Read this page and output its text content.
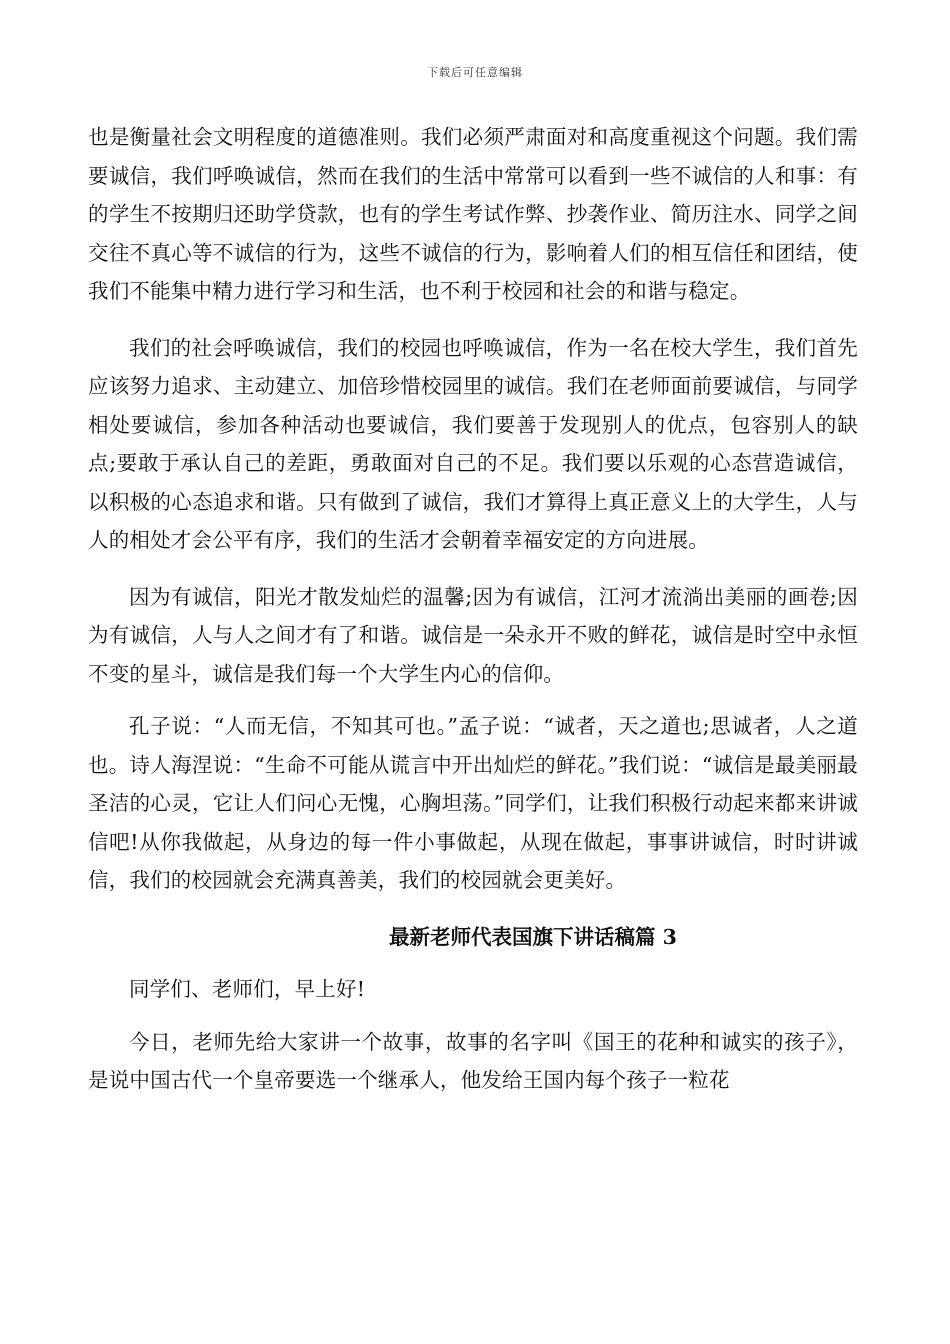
下载后可任意编辑

也是衡量社会文明程度的道德准则。我们必须严肃面对和高度重视这个问题。我们需要诚信，我们呼唤诚信，然而在我们的生活中常常可以看到一些不诚信的人和事：有的学生不按期归还助学贷款，也有的学生考试作弊、抄袭作业、简历注水、同学之间交往不真心等不诚信的行为，这些不诚信的行为，影响着人们的相互信任和团结，使我们不能集中精力进行学习和生活，也不利于校园和社会的和谐与稳定。

我们的社会呼唤诚信，我们的校园也呼唤诚信，作为一名在校大学生，我们首先应该努力追求、主动建立、加倍珍惜校园里的诚信。我们在老师面前要诚信，与同学相处要诚信，参加各种活动也要诚信，我们要善于发现别人的优点，包容别人的缺点;要敢于承认自己的差距，勇敢面对自己的不足。我们要以乐观的心态营造诚信，以积极的心态追求和谐。只有做到了诚信，我们才算得上真正意义上的大学生，人与人的相处才会公平有序，我们的生活才会朝着幸福安定的方向进展。

因为有诚信，阳光才散发灿烂的温馨;因为有诚信，江河才流淌出美丽的画卷;因为有诚信，人与人之间才有了和谐。诚信是一朵永开不败的鲜花，诚信是时空中永恒不变的星斗，诚信是我们每一个大学生内心的信仰。

孔子说：“人而无信，不知其可也。”孟子说：“诚者，天之道也;思诚者，人之道也。诗人海涅说：“生命不可能从谎言中开出灿烂的鲜花。”我们说：“诚信是最美丽最圣洁的心灵，它让人们问心无愧，心胸坦荡。”同学们，让我们积极行动起来都来讲诚信吧!从你我做起，从身边的每一件小事做起，从现在做起，事事讲诚信，时时讲诚信，我们的校园就会充满真善美，我们的校园就会更美好。

最新老师代表国旗下讲话稿篇 3

同学们、老师们，早上好!

今日，老师先给大家讲一个故事，故事的名字叫《国王的花种和诚实的孩子》，是说中国古代一个皇帝要选一个继承人，他发给王国内每个孩子一粒花
